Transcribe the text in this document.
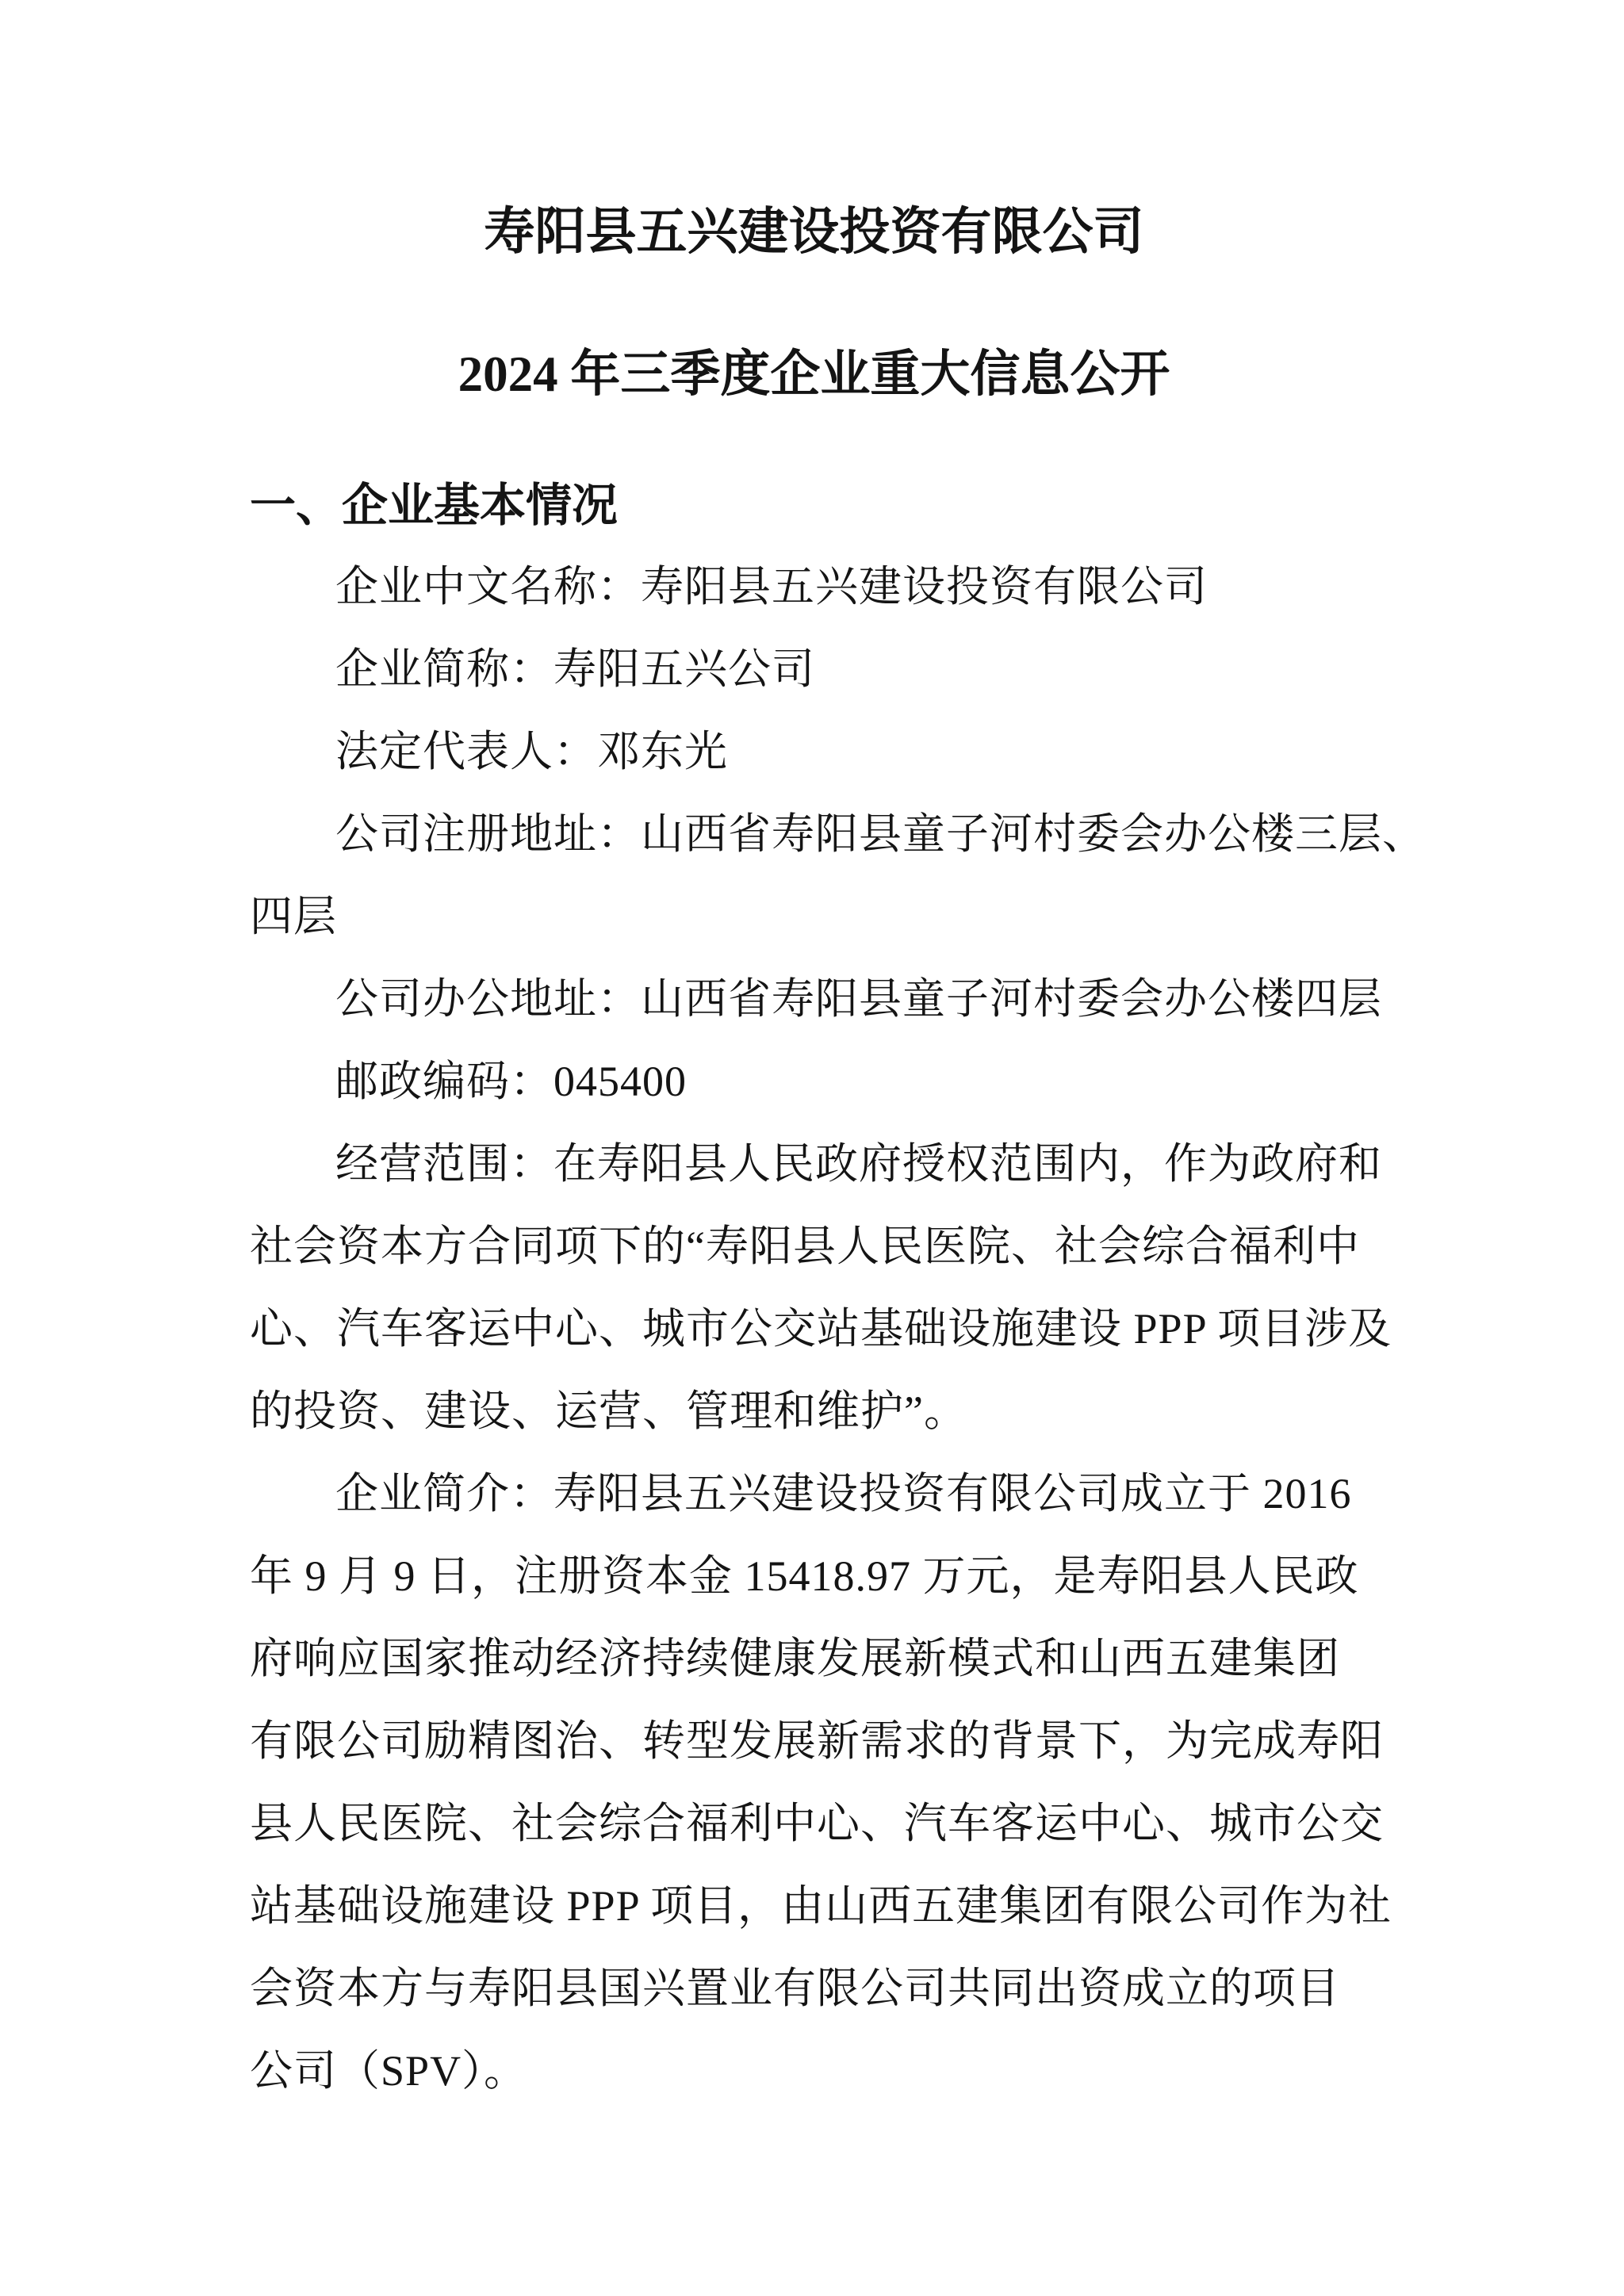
寿阳县五兴建设投资有限公司
2024 年三季度企业重大信息公开
一、企业基本情况
企业中文名称：寿阳县五兴建设投资有限公司
企业简称：寿阳五兴公司
法定代表人：邓东光
公司注册地址：山西省寿阳县童子河村委会办公楼三层、
四层
公司办公地址：山西省寿阳县童子河村委会办公楼四层
邮政编码：045400
经营范围：在寿阳县人民政府授权范围内，作为政府和
社会资本方合同项下的“寿阳县人民医院、社会综合福利中
心、汽车客运中心、城市公交站基础设施建设 PPP 项目涉及
的投资、建设、运营、管理和维护”。
企业简介：寿阳县五兴建设投资有限公司成立于 2016
年 9 月 9 日，注册资本金 15418.97 万元，是寿阳县人民政
府响应国家推动经济持续健康发展新模式和山西五建集团
有限公司励精图治、转型发展新需求的背景下，为完成寿阳
县人民医院、社会综合福利中心、汽车客运中心、城市公交
站基础设施建设 PPP 项目，由山西五建集团有限公司作为社
会资本方与寿阳县国兴置业有限公司共同出资成立的项目
公司（SPV）。
